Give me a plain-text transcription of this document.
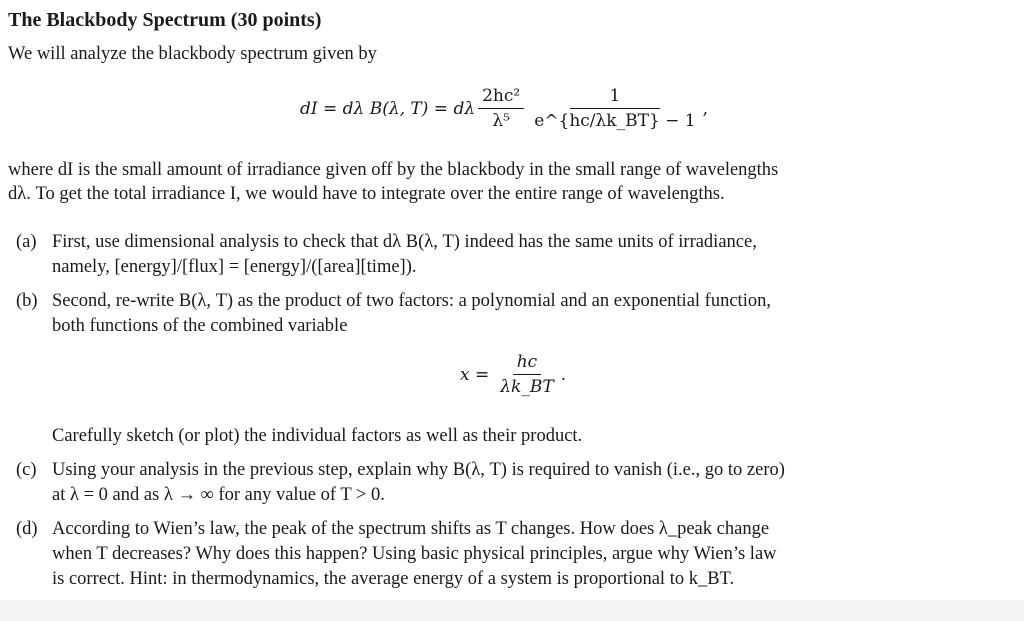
The Blackbody Spectrum (30 points)
We will analyze the blackbody spectrum given by
dI = dλ B(λ, T) = dλ $\frac{\text{2hc²}}{\text{λ⁵}} \frac{1}{e\^{}\{hc/\lambda k\_BT\} - 1}$ ,
where dI is the small amount of irradiance given off by the blackbody in the small range of wavelengths
dλ. To get the total irradiance I, we would have to integrate over the entire range of wavelengths.
(a) First, use dimensional analysis to check that dλ B(λ, T) indeed has the same units of irradiance,
namely, [energy]/[flux] = [energy]/([area][time]).
(b) Second, re-write B(λ, T) as the product of two factors: a polynomial and an exponential function,
both functions of the combined variable
$x = \frac{hc}{\lambda k\_BT}$ .
Carefully sketch (or plot) the individual factors as well as their product.
(c) Using your analysis in the previous step, explain why B(λ, T) is required to vanish (i.e., go to zero)
at λ = 0 and as λ → ∞ for any value of T > 0.
(d) According to Wien’s law, the peak of the spectrum shifts as T changes. How does λ_peak change
when T decreases? Why does this happen? Using basic physical principles, argue why Wien’s law
is correct. Hint: in thermodynamics, the average energy of a system is proportional to k_BT.
